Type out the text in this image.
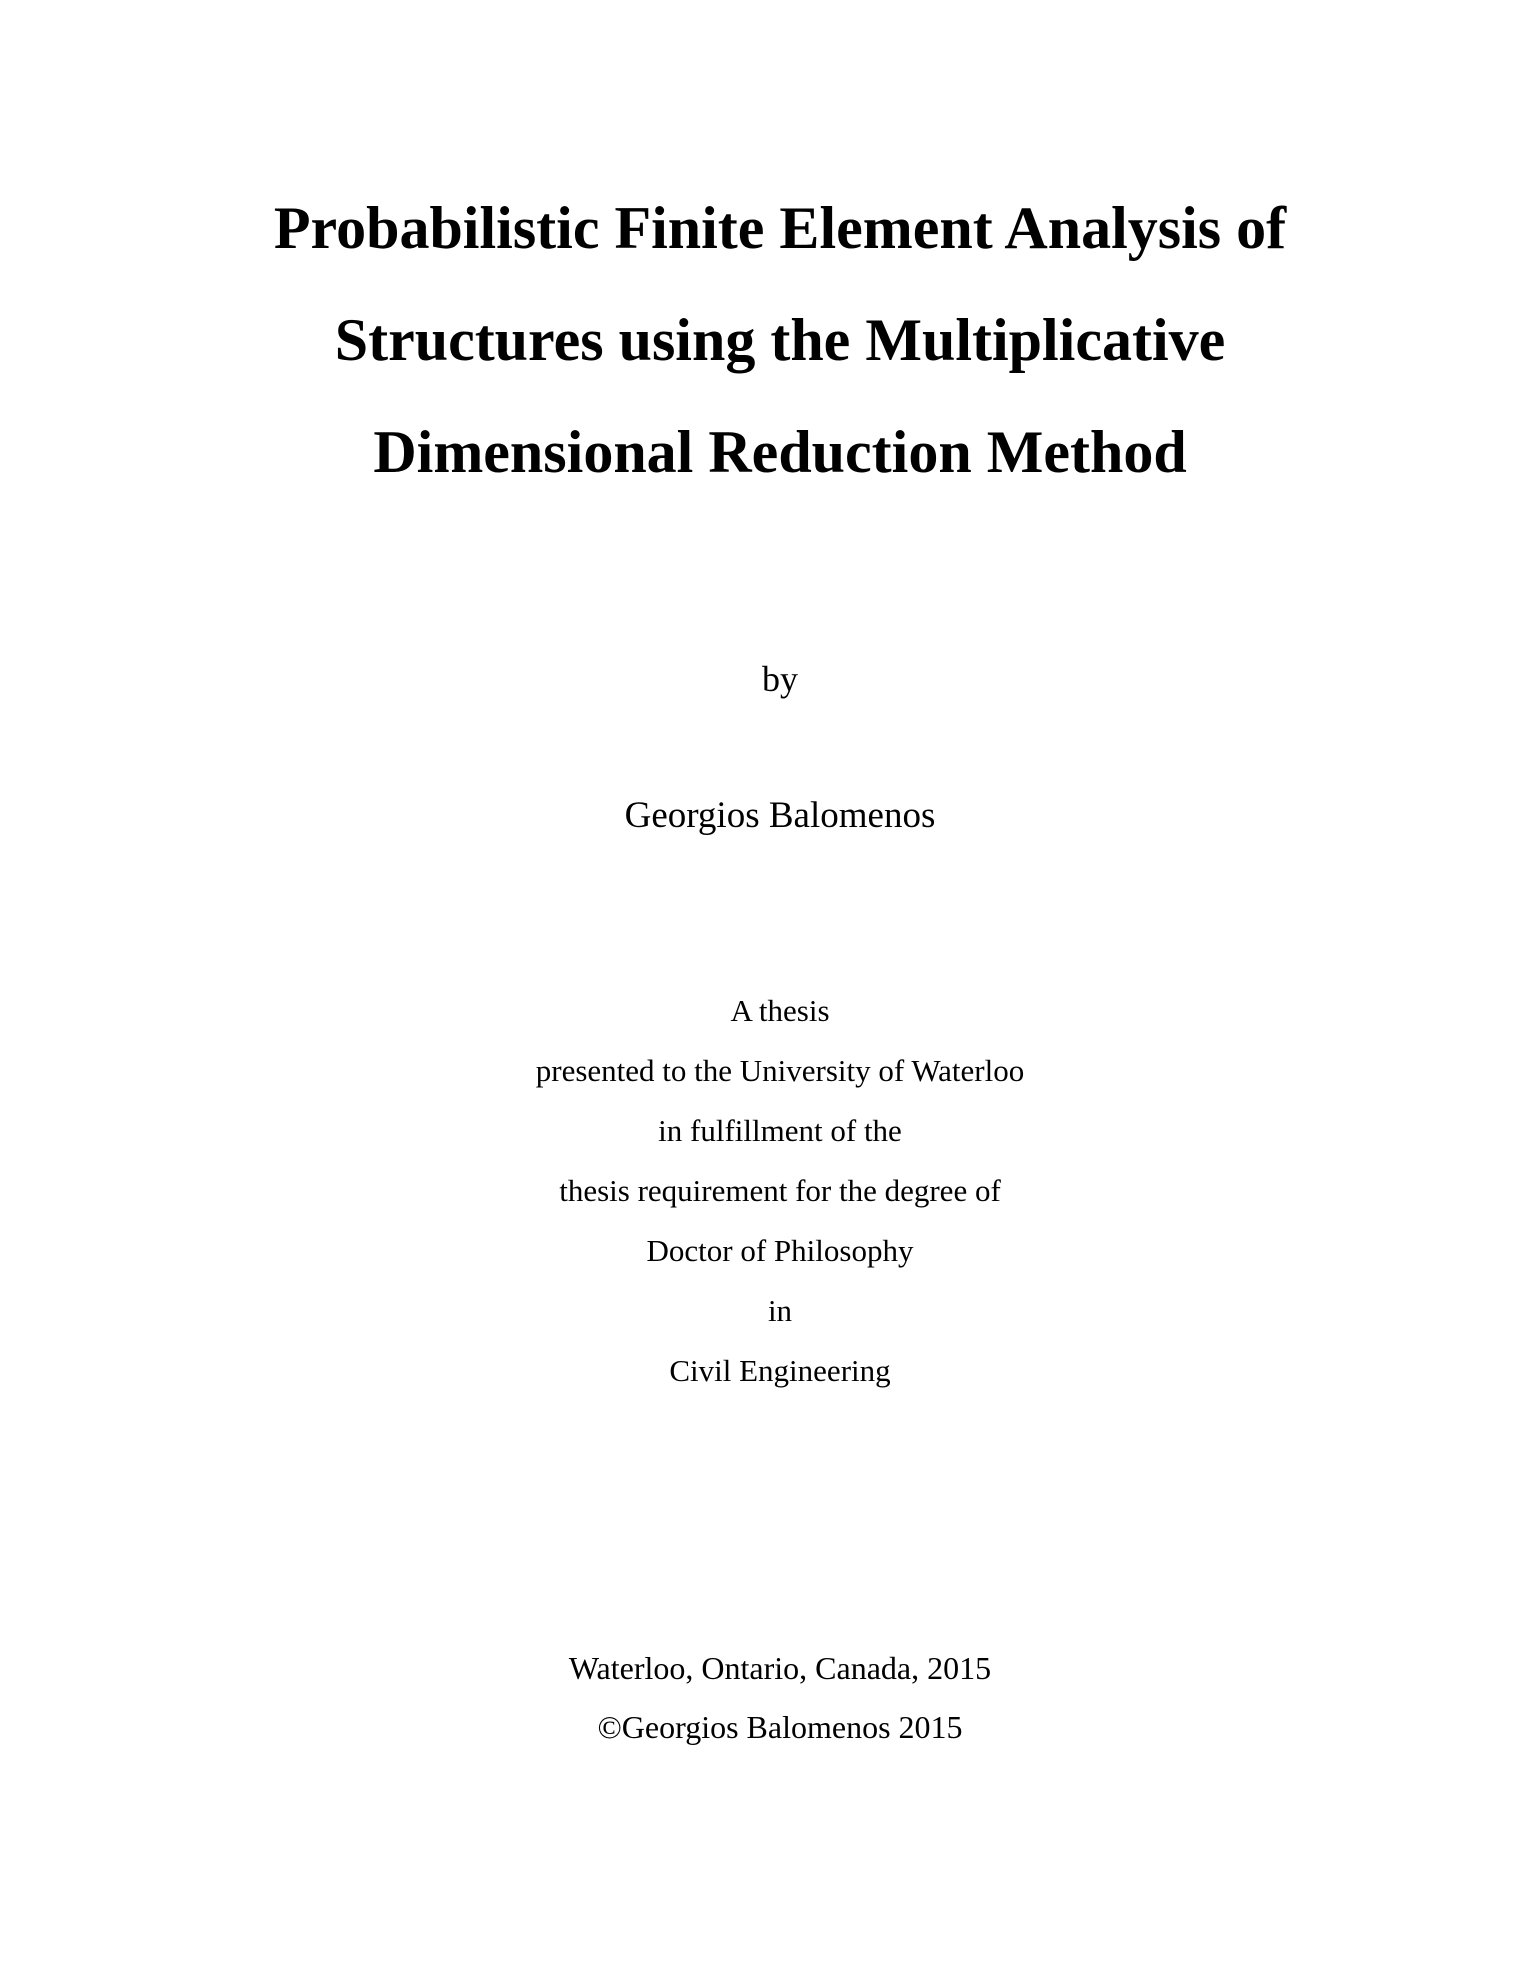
Probabilistic Finite Element Analysis of

Structures using the Multiplicative

Dimensional Reduction Method

by
Georgios Balomenos

A thesis

presented to the University of Waterloo

in fulfillment of the

thesis requirement for the degree of

Doctor of Philosophy

in

Civil Engineering

Waterloo, Ontario, Canada, 2015

©Georgios Balomenos 2015
